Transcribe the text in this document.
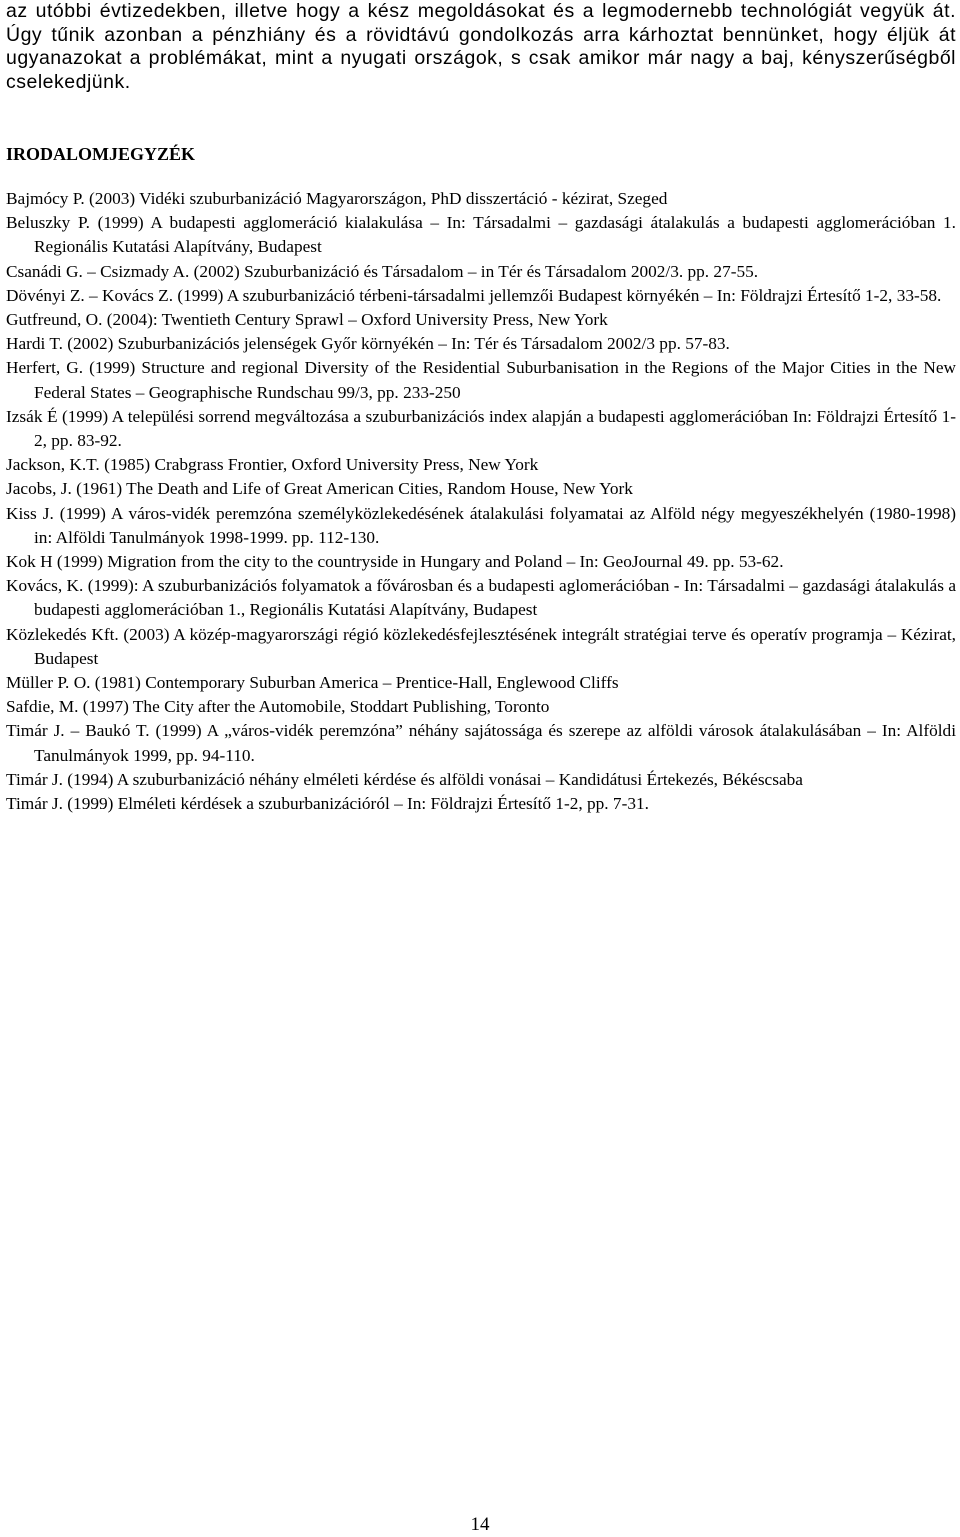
az utóbbi évtizedekben, illetve hogy a kész megoldásokat és a legmodernebb technológiát vegyük át. Úgy tűnik azonban a pénzhiány és a rövidtávú gondolkozás arra kárhoztat bennünket, hogy éljük át ugyanazokat a problémákat, mint a nyugati országok, s csak amikor már nagy a baj, kényszerűségből cselekedjünk.

IRODALOMJEGYZÉK
Bajmócy P. (2003) Vidéki szuburbanizáció Magyarországon, PhD disszertáció - kézirat, Szeged
Beluszky P. (1999) A budapesti agglomeráció kialakulása – In: Társadalmi – gazdasági átalakulás a budapesti agglomerációban 1. Regionális Kutatási Alapítvány, Budapest
Csanádi G. – Csizmady A. (2002) Szuburbanizáció és Társadalom – in Tér és Társadalom 2002/3. pp. 27-55.
Dövényi Z. – Kovács Z. (1999) A szuburbanizáció térbeni-társadalmi jellemzői Budapest környékén – In: Földrajzi Értesítő 1-2, 33-58.
Gutfreund, O. (2004): Twentieth Century Sprawl – Oxford University Press, New York
Hardi T. (2002) Szuburbanizációs jelenségek Győr környékén – In: Tér és Társadalom 2002/3 pp. 57-83.
Herfert, G. (1999) Structure and regional Diversity of the Residential Suburbanisation in the Regions of the Major Cities in the New Federal States – Geographische Rundschau 99/3, pp. 233-250
Izsák É (1999) A települési sorrend megváltozása a szuburbanizációs index alapján a budapesti agglomerációban In: Földrajzi Értesítő 1-2, pp. 83-92.
Jackson, K.T. (1985) Crabgrass Frontier, Oxford University Press, New York
Jacobs, J. (1961) The Death and Life of Great American Cities, Random House, New York
Kiss J. (1999) A város-vidék peremzóna személyközlekedésének átalakulási folyamatai az Alföld négy megyeszékhelyén (1980-1998) in: Alföldi Tanulmányok 1998-1999. pp. 112-130.
Kok H (1999) Migration from the city to the countryside in Hungary and Poland – In: GeoJournal 49. pp. 53-62.
Kovács, K. (1999): A szuburbanizációs folyamatok a fővárosban és a budapesti aglomerációban - In: Társadalmi – gazdasági átalakulás a budapesti agglomerációban 1., Regionális Kutatási Alapítvány, Budapest
Közlekedés Kft. (2003) A közép-magyarországi régió közlekedésfejlesztésének integrált stratégiai terve és operatív programja – Kézirat, Budapest
Müller P. O. (1981) Contemporary Suburban America – Prentice-Hall, Englewood Cliffs
Safdie, M. (1997) The City after the Automobile, Stoddart Publishing, Toronto
Timár J. – Baukó T. (1999) A „város-vidék peremzóna” néhány sajátossága és szerepe az alföldi városok átalakulásában – In: Alföldi Tanulmányok 1999, pp. 94-110.
Timár J. (1994) A szuburbanizáció néhány elméleti kérdése és alföldi vonásai – Kandidátusi Értekezés, Békéscsaba
Timár J. (1999) Elméleti kérdések a szuburbanizációról – In: Földrajzi Értesítő 1-2, pp. 7-31.
14
